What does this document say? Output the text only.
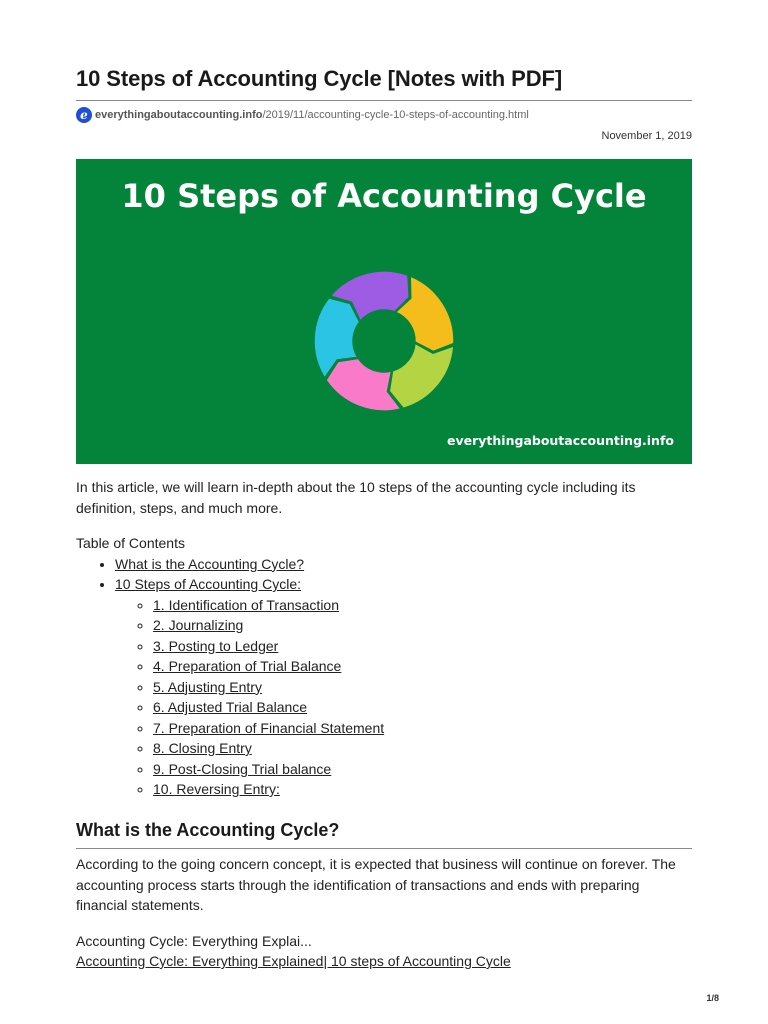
10 Steps of Accounting Cycle [Notes with PDF]
e everythingaboutaccounting.info /2019/11/accounting-cycle-10-steps-of-accounting.html
November 1, 2019
10 Steps of Accounting Cycle
everythingaboutaccounting.info

In this article, we will learn in-depth about the 10 steps of the accounting cycle including its definition, steps, and much more.

Table of Contents
• What is the Accounting Cycle?
• 10 Steps of Accounting Cycle:
◦ 1. Identification of Transaction
◦ 2. Journalizing
◦ 3. Posting to Ledger
◦ 4. Preparation of Trial Balance
◦ 5. Adjusting Entry
◦ 6. Adjusted Trial Balance
◦ 7. Preparation of Financial Statement
◦ 8. Closing Entry
◦ 9. Post-Closing Trial balance
◦ 10. Reversing Entry:
What is the Accounting Cycle?

According to the going concern concept, it is expected that business will continue on forever. The accounting process starts through the identification of transactions and ends with preparing financial statements.

Accounting Cycle: Everything Explai...
Accounting Cycle: Everything Explained| 10 steps of Accounting Cycle
1/8
